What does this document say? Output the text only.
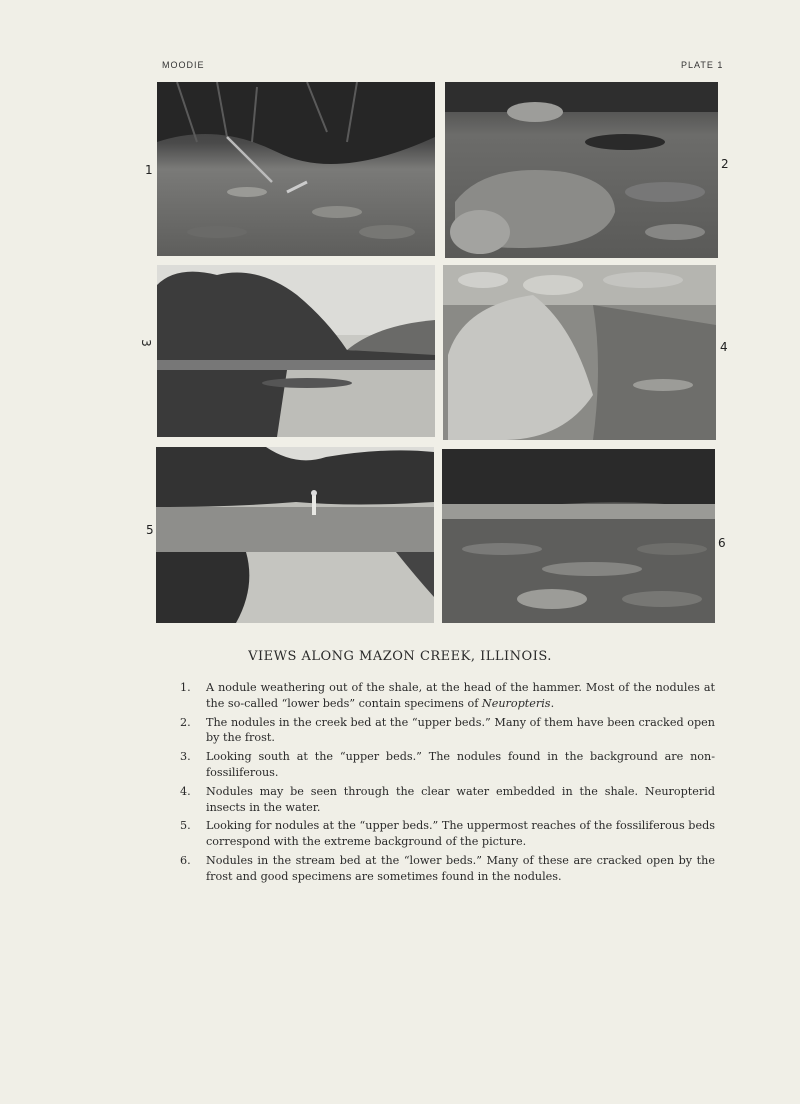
MOODIE	PLATE 1
1	2
3	4
5
6
VIEWS ALONG MAZON CREEK, ILLINOIS.
1.	A nodule weathering out of the shale, at the head of the hammer. Most of the nodules at the so-called “lower beds” contain specimens of Neuropteris.
2.	The nodules in the creek bed at the “upper beds.” Many of them have been cracked open by the frost.
3.	Looking south at the “upper beds.” The nodules found in the background are non-fossiliferous.
4.	Nodules may be seen through the clear water embedded in the shale. Neuropterid insects in the water.
5.	Looking for nodules at the “upper beds.” The uppermost reaches of the fossiliferous beds correspond with the extreme background of the picture.
6.	Nodules in the stream bed at the “lower beds.” Many of these are cracked open by the frost and good specimens are sometimes found in the nodules.
